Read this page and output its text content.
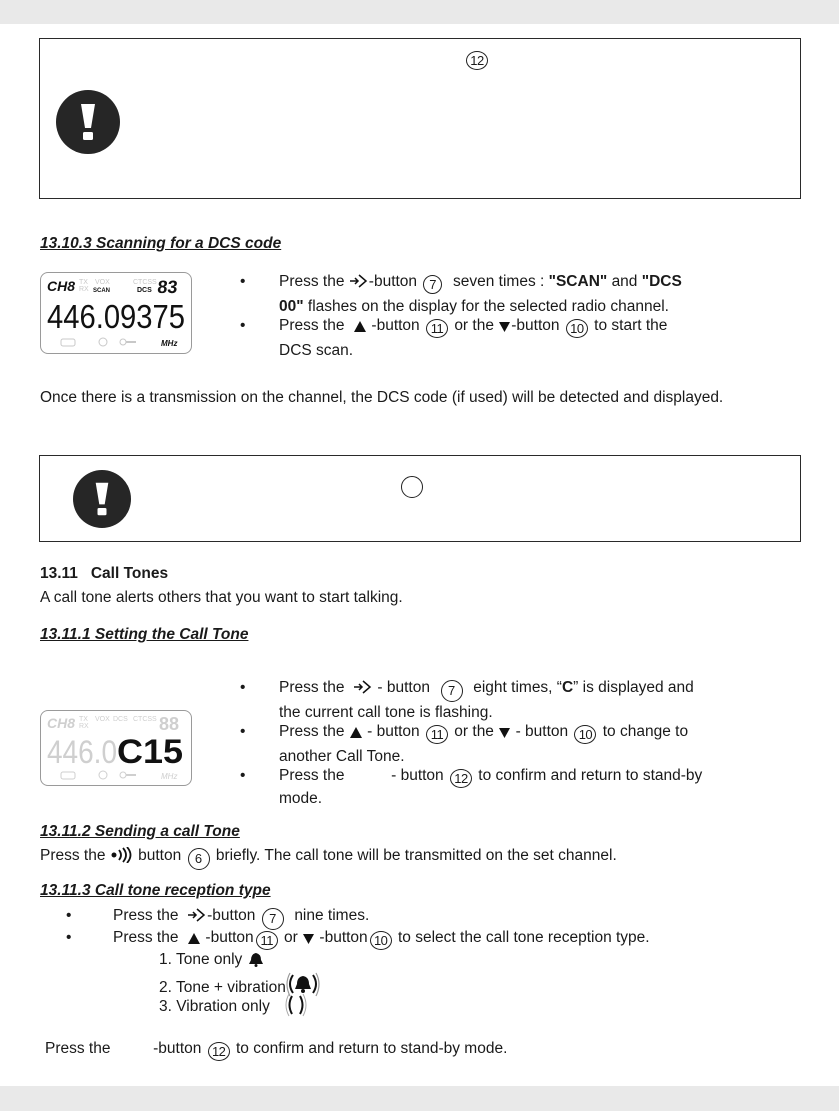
12
13.10.3 Scanning for a DCS code
CH8 TX
RX
VOX
SCAN	DCS
CTCSS 83
446.09375
MHz
• Press the -button 7 seven times : "SCAN" and "DCS
00" flashes on the display for the selected radio channel.
• Press the -button 11 or the -button 10 to start the
DCS scan.
Once there is a transmission on the channel, the DCS code (if used) will be detected and displayed.
13.11 Call Tones
A call tone alerts others that you want to start talking.
13.11.1 Setting the Call Tone
CH8 TX
RX
VOX DCS CTCSS 88
446.0 C15
MHz
• Press the - button 7 eight times, “C” is displayed and
the current call tone is flashing.
• Press the - button 11 or the - button 10 to change to
another Call Tone.
• Press the	- button 12 to confirm and return to stand-by
mode.
13.11.2 Sending a call Tone
Press the button 6 briefly. The call tone will be transmitted on the set channel.
13.11.3 Call tone reception type
•	Press the -button 7 nine times.
•	Press the -button 11 or -button 10 to select the call tone reception type.
1. Tone only
2. Tone + vibration
3. Vibration only
Press the	-button 12 to confirm and return to stand-by mode.
